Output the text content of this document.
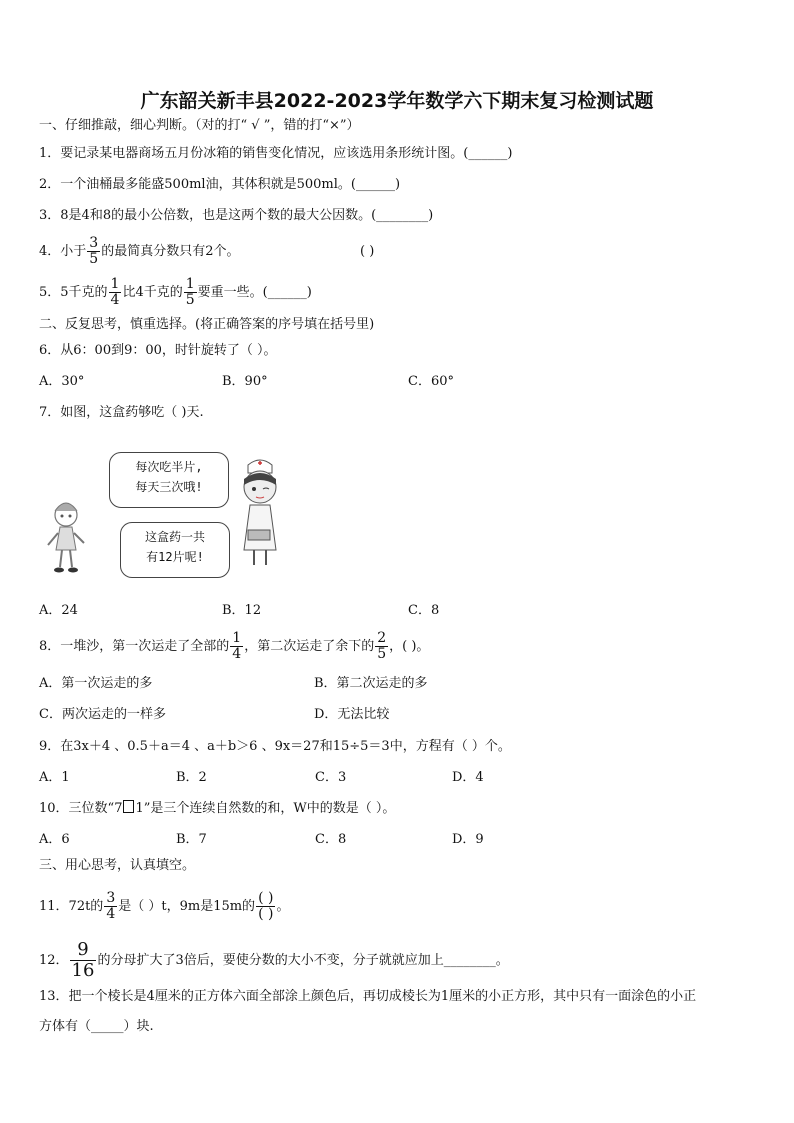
广东韶关新丰县2022-2023学年数学六下期末复习检测试题
一、仔细推敲，细心判断。（对的打“ √ ”，错的打“×”）
1．要记录某电器商场五月份冰箱的销售变化情况，应该选用条形统计图。(______)
2．一个油桶最多能盛500ml油，其体积就是500ml。(______)
3．8是4和8的最小公倍数，也是这两个数的最大公因数。(________)
4．小于 $\frac{3}{5}$ 的最简真分数只有2个。	( )
5．5千克的 $\frac{1}{4}$ 比4千克的 $\frac{1}{5}$ 要重一些。(______)
二、反复思考，慎重选择。(将正确答案的序号填在括号里)
6．从6：00到9：00，时针旋转了（ ）。
A．30°	B．90°	C．60°
7．如图，这盒药够吃（ )天.
每次吃半片,
每天三次哦!
这盒药一共
有12片呢!
A．24	B．12	C．8
8．一堆沙，第一次运走了全部的 $\frac{1}{4}$ ，第二次运走了余下的 $\frac{2}{5}$ ，( )。
A．第一次运走的多	B．第二次运走的多
C．两次运走的一样多	D．无法比较
9．在3x＋4 、0.5＋a＝4 、a＋b＞6 、9x＝27和15÷5＝3中，方程有（ ）个。
A．1	B．2	C．3	D．4
10．三位数“7 1”是三个连续自然数的和，W中的数是（ ）。
A．6	B．7	C．8	D．9
三、用心思考，认真填空。
11．72t的 $\frac{3}{4}$ 是（ ）t，9m是15m的 $\frac{( )}{( )}$ 。
12． $\frac{9}{16}$ 的分母扩大了3倍后，要使分数的大小不变，分子就就应加上________。
13．把一个棱长是4厘米的正方体六面全部涂上颜色后，再切成棱长为1厘米的小正方形，其中只有一面涂色的小正
方体有（_____）块.
